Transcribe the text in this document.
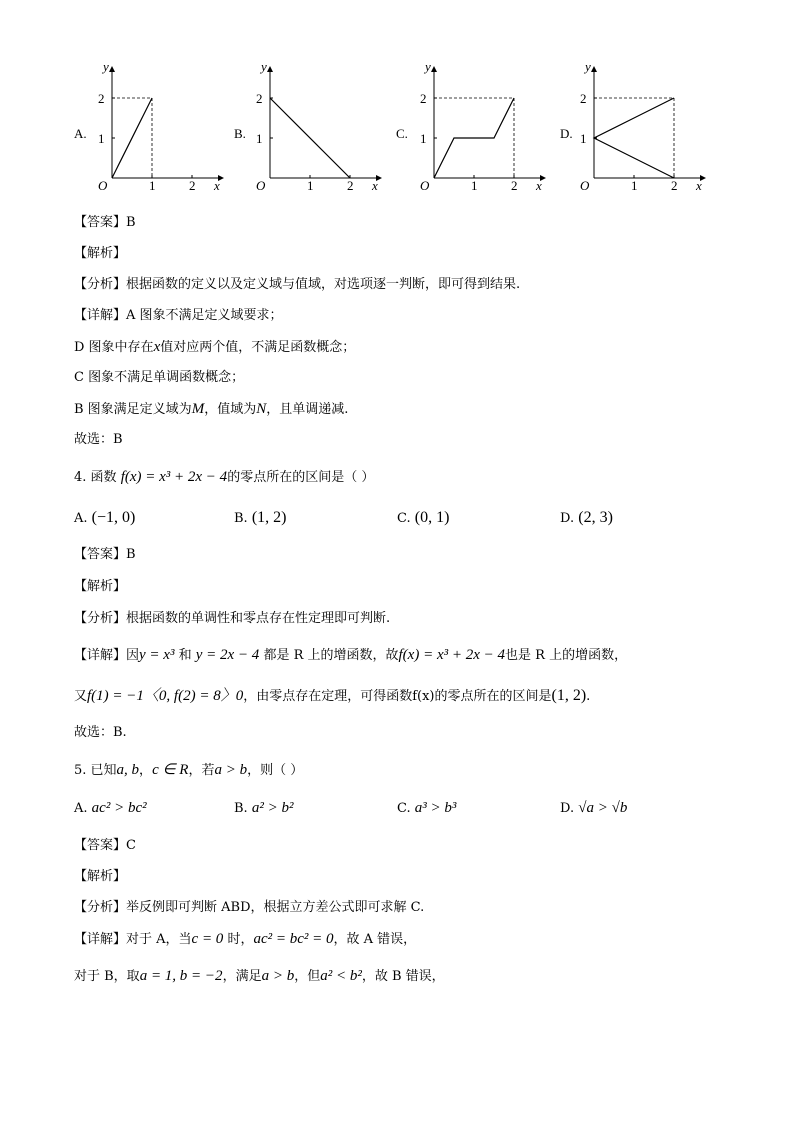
A.
y
2
1
O	1	2 x
B.
y
2
1
O	1	2 x
C.
y
2
1
O	1	2 x
D.
y
2
1
O	1	2 x
【答案】B
【解析】
【分析】根据函数的定义以及定义域与值域，对选项逐一判断，即可得到结果.
【详解】A 图象不满足定义域要求；
D 图象中存在x值对应两个值，不满足函数概念；
C 图象不满足单调函数概念；
B 图象满足定义域为M，值域为N，且单调递减.
故选：B
4. 函数 f(x) = x³ + 2x − 4的零点所在的区间是（ ）
A. (−1, 0)	B. (1, 2)	C. (0, 1)	D. (2, 3)
【答案】B
【解析】
【分析】根据函数的单调性和零点存在性定理即可判断.
【详解】因y = x³ 和 y = 2x − 4 都是 R 上的增函数，故f(x) = x³ + 2x − 4也是 R 上的增函数，
又f(1) = −1〈0, f(2) = 8〉0，由零点存在定理，可得函数f(x)的零点所在的区间是(1, 2).
故选：B.
5. 已知a, b，c ∈ R，若a > b，则（ ）
A. ac² > bc²	B. a² > b²	C. a³ > b³	D. √a > √b
【答案】C
【解析】
【分析】举反例即可判断 ABD，根据立方差公式即可求解 C.
【详解】对于 A，当c = 0 时，ac² = bc² = 0，故 A 错误，
对于 B，取a = 1, b = −2，满足a > b，但a² < b²，故 B 错误，
